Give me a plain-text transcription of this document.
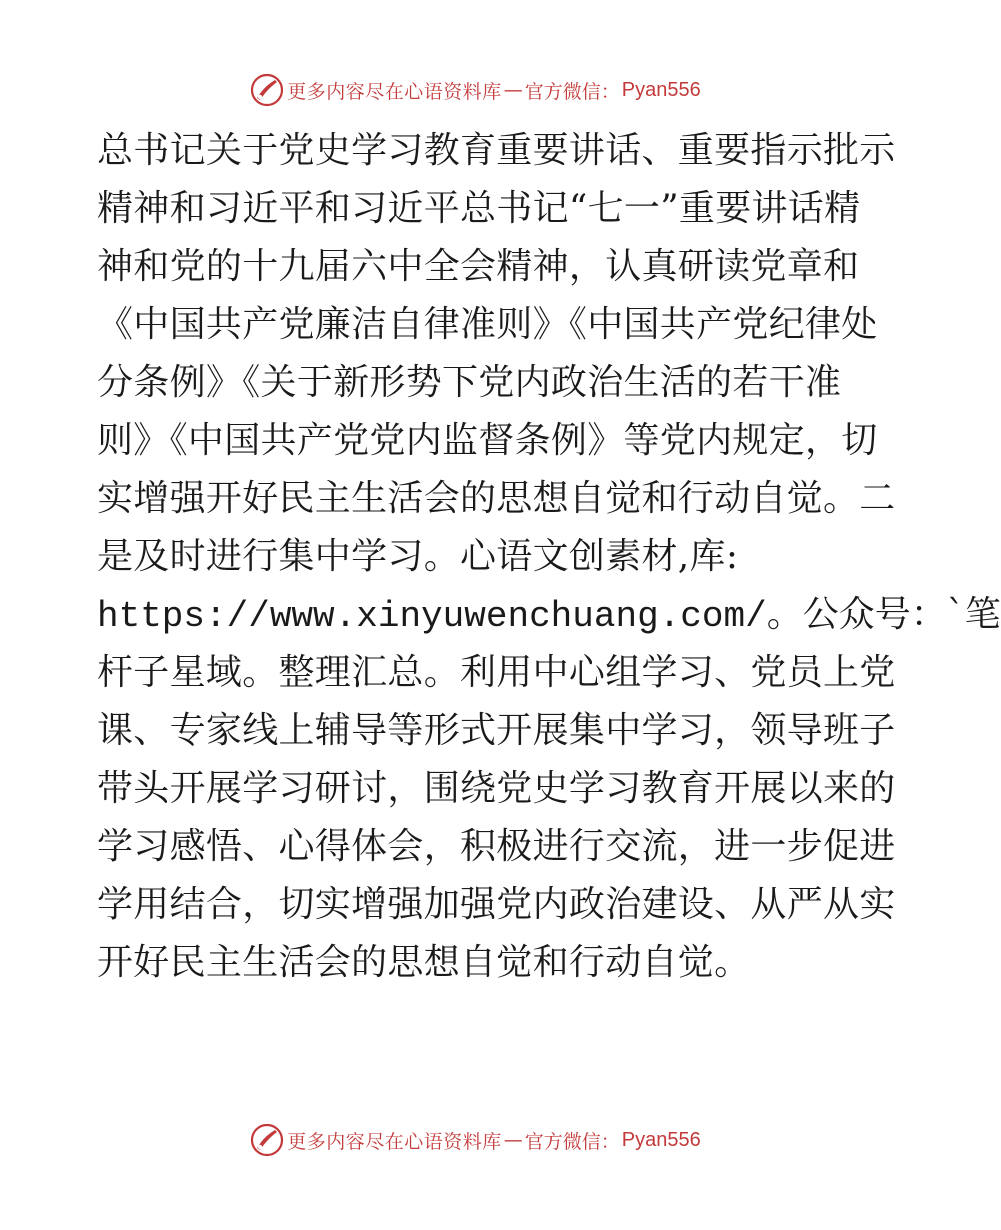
更多内容尽在心语资料库 — 官方微信： Pyan556
总书记关于党史学习教育重要讲话、重要指示批示
精神和习近平和习近平总书记“七一”重要讲话精
神和党的十九届六中全会精神，认真研读党章和
《中国共产党廉洁自律准则》《中国共产党纪律处
分条例》《关于新形势下党内政治生活的若干准
则》《中国共产党党内监督条例》等党内规定，切
实增强开好民主生活会的思想自觉和行动自觉。二
是及时进行集中学习。心语文创素材,库:
https://www.xinyuwenchuang.com/。公众号：`笔
杆子星域。整理汇总。利用中心组学习、党员上党
课、专家线上辅导等形式开展集中学习，领导班子
带头开展学习研讨，围绕党史学习教育开展以来的
学习感悟、心得体会，积极进行交流，进一步促进
学用结合，切实增强加强党内政治建设、从严从实
开好民主生活会的思想自觉和行动自觉。
更多内容尽在心语资料库 — 官方微信： Pyan556
